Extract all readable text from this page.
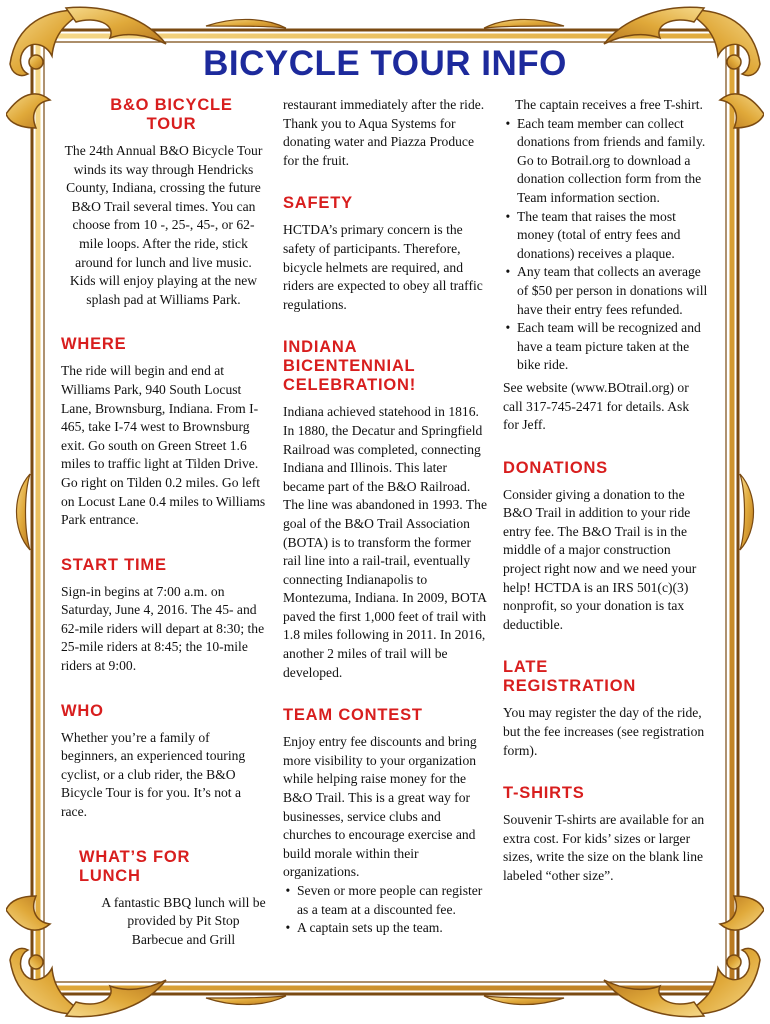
BICYCLE TOUR INFO
B&O BICYCLE TOUR

The 24th Annual B&O Bicycle Tour winds its way through Hendricks County, Indiana, crossing the future B&O Trail several times. You can choose from 10 -, 25-, 45-, or 62-mile loops. After the ride, stick around for lunch and live music. Kids will enjoy playing at the new splash pad at Williams Park.

WHERE

The ride will begin and end at Williams Park, 940 South Locust Lane, Brownsburg, Indiana. From I-465, take I-74 west to Brownsburg exit. Go south on Green Street 1.6 miles to traffic light at Tilden Drive. Go right on Tilden 0.2 miles. Go left on Locust Lane 0.4 miles to Williams Park entrance.

START TIME

Sign-in begins at 7:00 a.m. on Saturday, June 4, 2016. The 45- and 62-mile riders will depart at 8:30; the 25-mile riders at 8:45; the 10-mile riders at 9:00.

WHO

Whether you’re a family of beginners, an experienced touring cyclist, or a club rider, the B&O Bicycle Tour is for you. It’s not a race.

WHAT’S FOR LUNCH

A fantastic BBQ lunch will be provided by Pit Stop Barbecue and Grill

restaurant immediately after the ride. Thank you to Aqua Systems for donating water and Piazza Produce for the fruit.

SAFETY

HCTDA’s primary concern is the safety of participants. Therefore, bicycle helmets are required, and riders are expected to obey all traffic regulations.

INDIANA BICENTENNIAL CELEBRATION!

Indiana achieved statehood in 1816. In 1880, the Decatur and Springfield Railroad was completed, connecting Indiana and Illinois. This later became part of the B&O Railroad. The line was abandoned in 1993. The goal of the B&O Trail Association (BOTA) is to transform the former rail line into a rail-trail, eventually connecting Indianapolis to Montezuma, Indiana. In 2009, BOTA paved the first 1,000 feet of trail with 1.8 miles following in 2011. In 2016, another 2 miles of trail will be developed.

TEAM CONTEST

Enjoy entry fee discounts and bring more visibility to your organization while helping raise money for the B&O Trail. This is a great way for businesses, service clubs and churches to encourage exercise and build morale within their organizations.

• Seven or more people can register as a team at a discounted fee.
• A captain sets up the team.

The captain receives a free T-shirt.

• Each team member can collect donations from friends and family. Go to Botrail.org to download a donation collection form from the Team information section.
• The team that raises the most money (total of entry fees and donations) receives a plaque.
• Any team that collects an average of $50 per person in donations will have their entry fees refunded.
• Each team will be recognized and have a team picture taken at the bike ride.

See website (www.BOtrail.org) or call 317-745-2471 for details. Ask for Jeff.

DONATIONS

Consider giving a donation to the B&O Trail in addition to your ride entry fee. The B&O Trail is in the middle of a major construction project right now and we need your help! HCTDA is an IRS 501(c)(3) nonprofit, so your donation is tax deductible.

LATE REGISTRATION

You may register the day of the ride, but the fee increases (see registration form).

T-SHIRTS

Souvenir T-shirts are available for an extra cost. For kids’ sizes or larger sizes, write the size on the blank line labeled “other size”.
